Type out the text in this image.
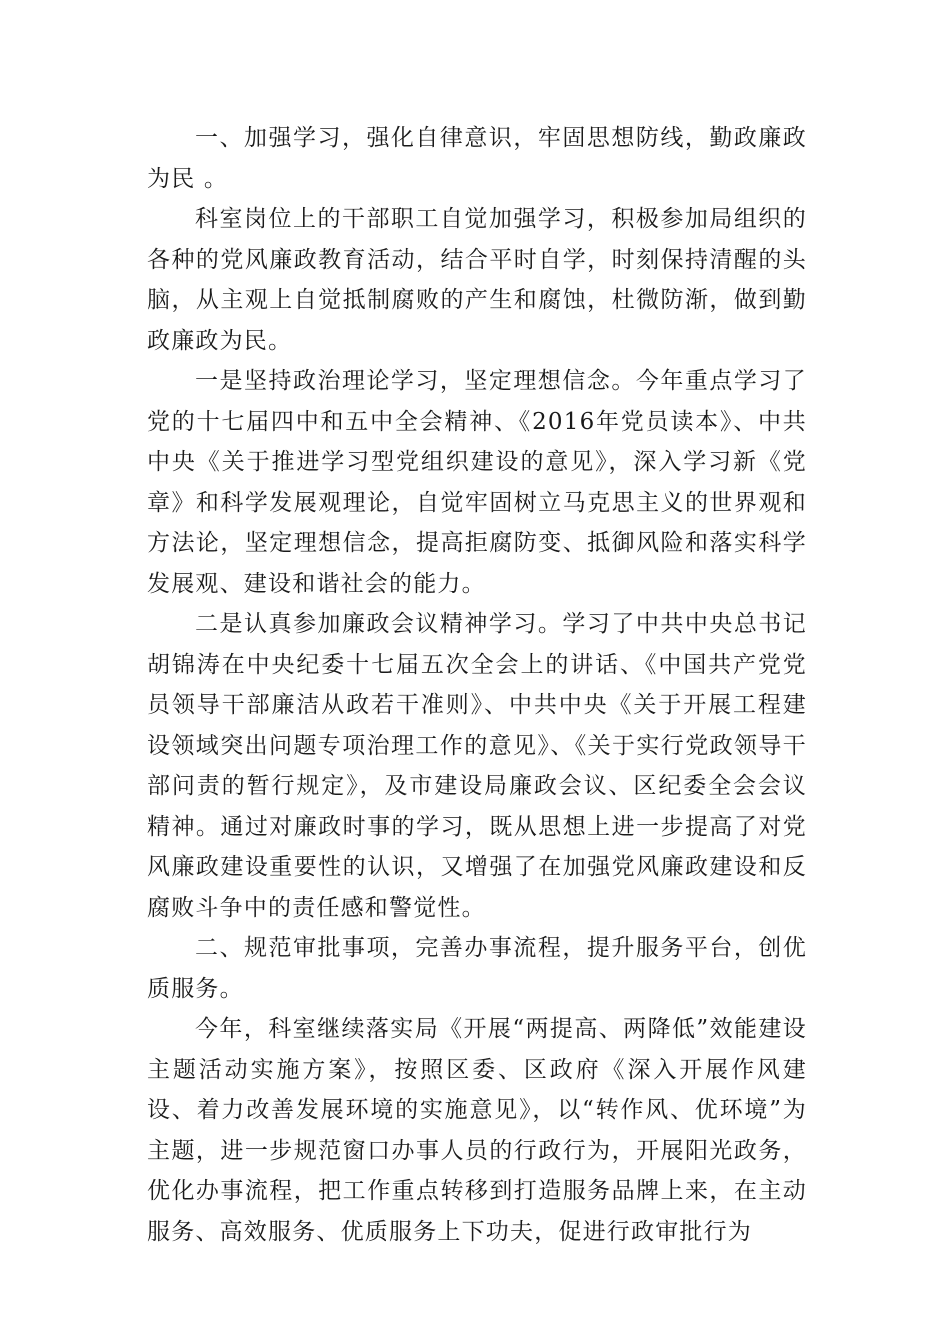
一、加强学习，强化自律意识，牢固思想防线，勤政廉政为民 。

科室岗位上的干部职工自觉加强学习，积极参加局组织的各种的党风廉政教育活动，结合平时自学，时刻保持清醒的头脑，从主观上自觉抵制腐败的产生和腐蚀，杜微防渐，做到勤政廉政为民。

一是坚持政治理论学习，坚定理想信念。今年重点学习了党的十七届四中和五中全会精神、《2016年党员读本》、中共中央《关于推进学习型党组织建设的意见》，深入学习新《党章》和科学发展观理论，自觉牢固树立马克思主义的世界观和方法论，坚定理想信念，提高拒腐防变、抵御风险和落实科学发展观、建设和谐社会的能力。

二是认真参加廉政会议精神学习。学习了中共中央总书记胡锦涛在中央纪委十七届五次全会上的讲话、《中国共产党党员领导干部廉洁从政若干准则》、中共中央《关于开展工程建设领域突出问题专项治理工作的意见》、《关于实行党政领导干部问责的暂行规定》，及市建设局廉政会议、区纪委全会会议精神。通过对廉政时事的学习，既从思想上进一步提高了对党风廉政建设重要性的认识，又增强了在加强党风廉政建设和反腐败斗争中的责任感和警觉性。

二、规范审批事项，完善办事流程，提升服务平台，创优质服务。

今年，科室继续落实局《开展“两提高、两降低”效能建设主题活动实施方案》，按照区委、区政府《深入开展作风建设、着力改善发展环境的实施意见》，以“转作风、优环境”为主题，进一步规范窗口办事人员的行政行为，开展阳光政务，优化办事流程，把工作重点转移到打造服务品牌上来，在主动服务、高效服务、优质服务上下功夫，促进行政审批行为
